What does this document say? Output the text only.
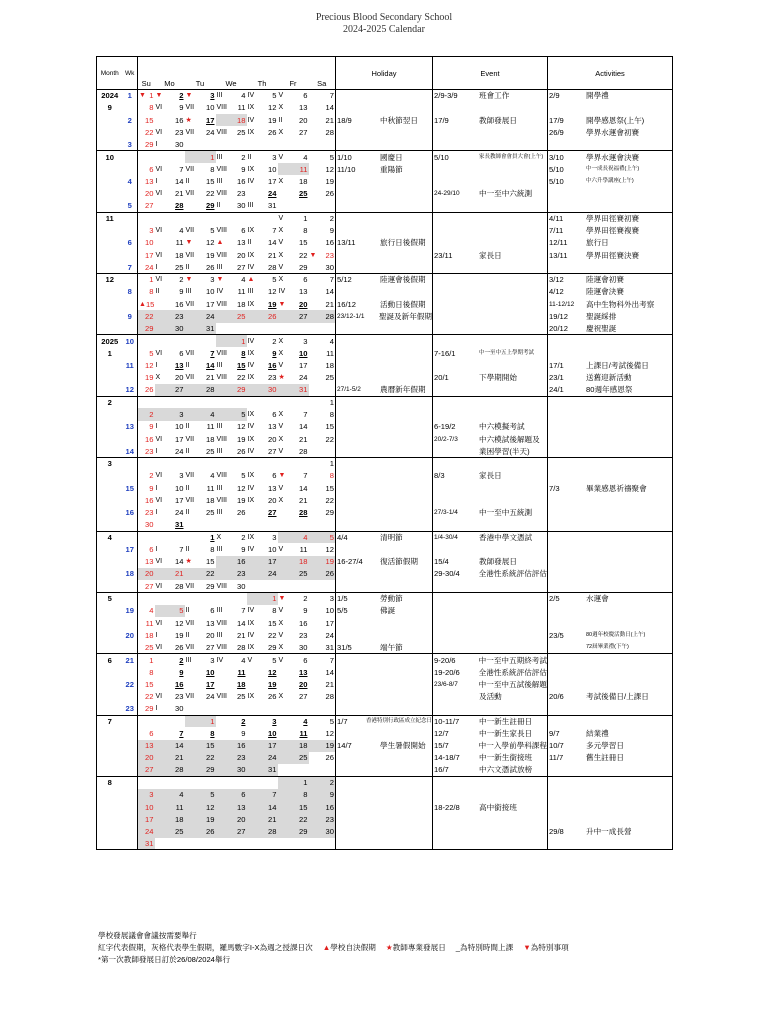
Precious Blood Secondary School
2024-2025 Calendar
Month	Wk	Su	Mo	Tu	We	Th	Fr	Sa	Holiday	Event	Activities
2024	1	▼ 1	▼ 2	▼ 3	III 4	IV 5	V 6	7		2/9-3/9 班會工作	2/9 開學禮

9		8	VI 9	VII 10	VIII 11	IX 12	X 13	14			

	2	15	16	★ 17	18	IV 19	II 20	21	18/9 中秋節翌日	17/9 教師發展日	17/9 開學感恩祭(上午)

		22	VI 23	VII 24	VIII 25	IX 26	X 27	28			26/9 學界水運會初賽

	3	29	I 30								

10				1	III 2	II 3	V 4	5	1/10 國慶日	5/10 家長教師會會員大會(上午)	3/10 學界水運會決賽

		6	VI 7	VII 8	VIII 9	IX 10	11	12	11/10 重陽節		5/10 中一成長祝福禮(上午)

	4	13	I 14	II 15	III 16	IV 17	X 18	19			5/10 中六升學講座(上午)

		20	VI 21	VII 22	VIII 23	24	25	26		24-29/10 中一至中六統測	

	5	27	28	29	II 30	III 31					

11							V 1	2			4/11 學界田徑賽初賽

		3	VI 4	VII 5	VIII 6	IX 7	X 8	9			7/11 學界田徑賽複賽

	6	10	11	▼ 12	▲ 13	II 14	V 15	16	13/11 旅行日後假期		12/11 旅行日

		17	VI 18	VII 19	VIII 20	IX 21	X 22	▼ 23		23/11 家長日	13/11 學界田徑賽決賽

	7	24	I 25	II 26	III 27	IV 28	V 29	30			

12		1	VI 2	▼ 3	▼ 4	▲ 5	X 6	7	5/12 陸運會後假期		3/12 陸運會初賽

	8	8	II 9	III 10	IV 11	III 12	IV 13	14			4/12 陸運會決賽

		▲ 15	16	VII 17	VIII 18	IX 19	▼ 20	21	16/12 活動日後假期		11-12/12 高中生物科外出考察

	9	22	23	24	25	26	27	28	23/12-1/1 聖誕及新年假期		19/12 聖誕綵排

		29	30	31							20/12 慶祝聖誕

2025	10				1	IV 2	X 3	4			

1		5	VI 6	VII 7	VIII 8	IX 9	X 10	11		7-16/1 中一至中五上學期考試	

	11	12	I 13	II 14	III 15	IV 16	V 17	18			17/1 上課日/考試後備日

		19	X 20	VII 21	VIII 22	IX 23	★ 24	25		20/1 下學期開始	23/1 送舊迎新活動

	12	26	27	28	29	30	31		27/1-5/2 農曆新年假期		24/1 80週年感恩祭

2								1			

		2	3	4	5	IX 6	X 7	8			

	13	9	I 10	II 11	III 12	IV 13	V 14	15		6-19/2 中六模擬考試	

		16	VI 17	VII 18	VIII 19	IX 20	X 21	22		20/2-7/3 中六模試後解題及	

	14	23	I 24	II 25	III 26	IV 27	V 28			業困學習(半天)	

3								1			

		2	VI 3	VII 4	VIII 5	IX 6	▼ 7	8		8/3 家長日	

	15	9	I 10	II 11	III 12	IV 13	V 14	15			7/3 畢業感恩祈禱聚會

		16	VI 17	VII 18	VIII 19	IX 20	X 21	22			

	16	23	I 24	II 25	III 26	27	28	29		27/3-1/4 中一至中五統測	

		30	31								

4				1	X 2	IX 3	4	5	4/4 清明節	1/4-30/4 香港中學文憑試	

	17	6	I 7	II 8	III 9	IV 10	V 11	12			

		13	VI 14	★ 15	16	17	18	19	16-27/4 復活節假期	15/4 教師發展日	

	18	20	21	22	23	24	25	26		29-30/4 全港性系統評估評估	

		27	VI 28	VII 29	VIII 30						

5						1	▼ 2	3	1/5 勞動節		2/5 水運會

	19	4	5	II 6	III 7	IV 8	V 9	10	5/5 佛誕		

		11	VI 12	VII 13	VIII 14	IX 15	X 16	17			

	20	18	I 19	II 20	III 21	IV 22	V 23	24			23/5 80週年校慶活動日(上午)

		25	VI 26	VII 27	VIII 28	IX 29	X 30	31	31/5 端午節		72屆畢業禮(下午)

6	21	1	2	III 3	IV 4	V 5	V 6	7		9-20/6 中一至中五期終考試	

		8	9	10	11	12	13	14		19-20/6 全港性系統評估評估	

	22	15	16	17	18	19	20	21		23/6-8/7 中一至中五試後解題	

		22	VI 23	VII 24	VIII 25	IX 26	X 27	28		及活動	20/6 考試後備日/上課日

	23	29	I 30								

7				1	2	3	4	5	1/7 香港特別行政區成立紀念日	10-11/7 中一新生註冊日	

		6	7	8	9	10	11	12		12/7 中一新生家長日	9/7 結業禮

		13	14	15	16	17	18	19	14/7 學生暑假開始	15/7 中一入學前學科課程	10/7 多元學習日

		20	21	22	23	24	25	26		14-18/7 中一新生銜接班	11/7 舊生註冊日

		27	28	29	30	31				16/7 中六文憑試放榜	

8							1	2			

		3	4	5	6	7	8	9			

		10	11	12	13	14	15	16		18-22/8 高中銜接班	

		17	18	19	20	21	22	23			

		24	25	26	27	28	29	30			29/8 升中一成長營

		31									

學校發展議會會議按需要舉行
紅字代表假期，灰格代表學生假期，羅馬數字I-X為週之授課日次 ▲學校自決假期 ★教師專業發展日 _為特別時間上課 ▼為特別事項
*第一次教師發展日訂於26/08/2024舉行
